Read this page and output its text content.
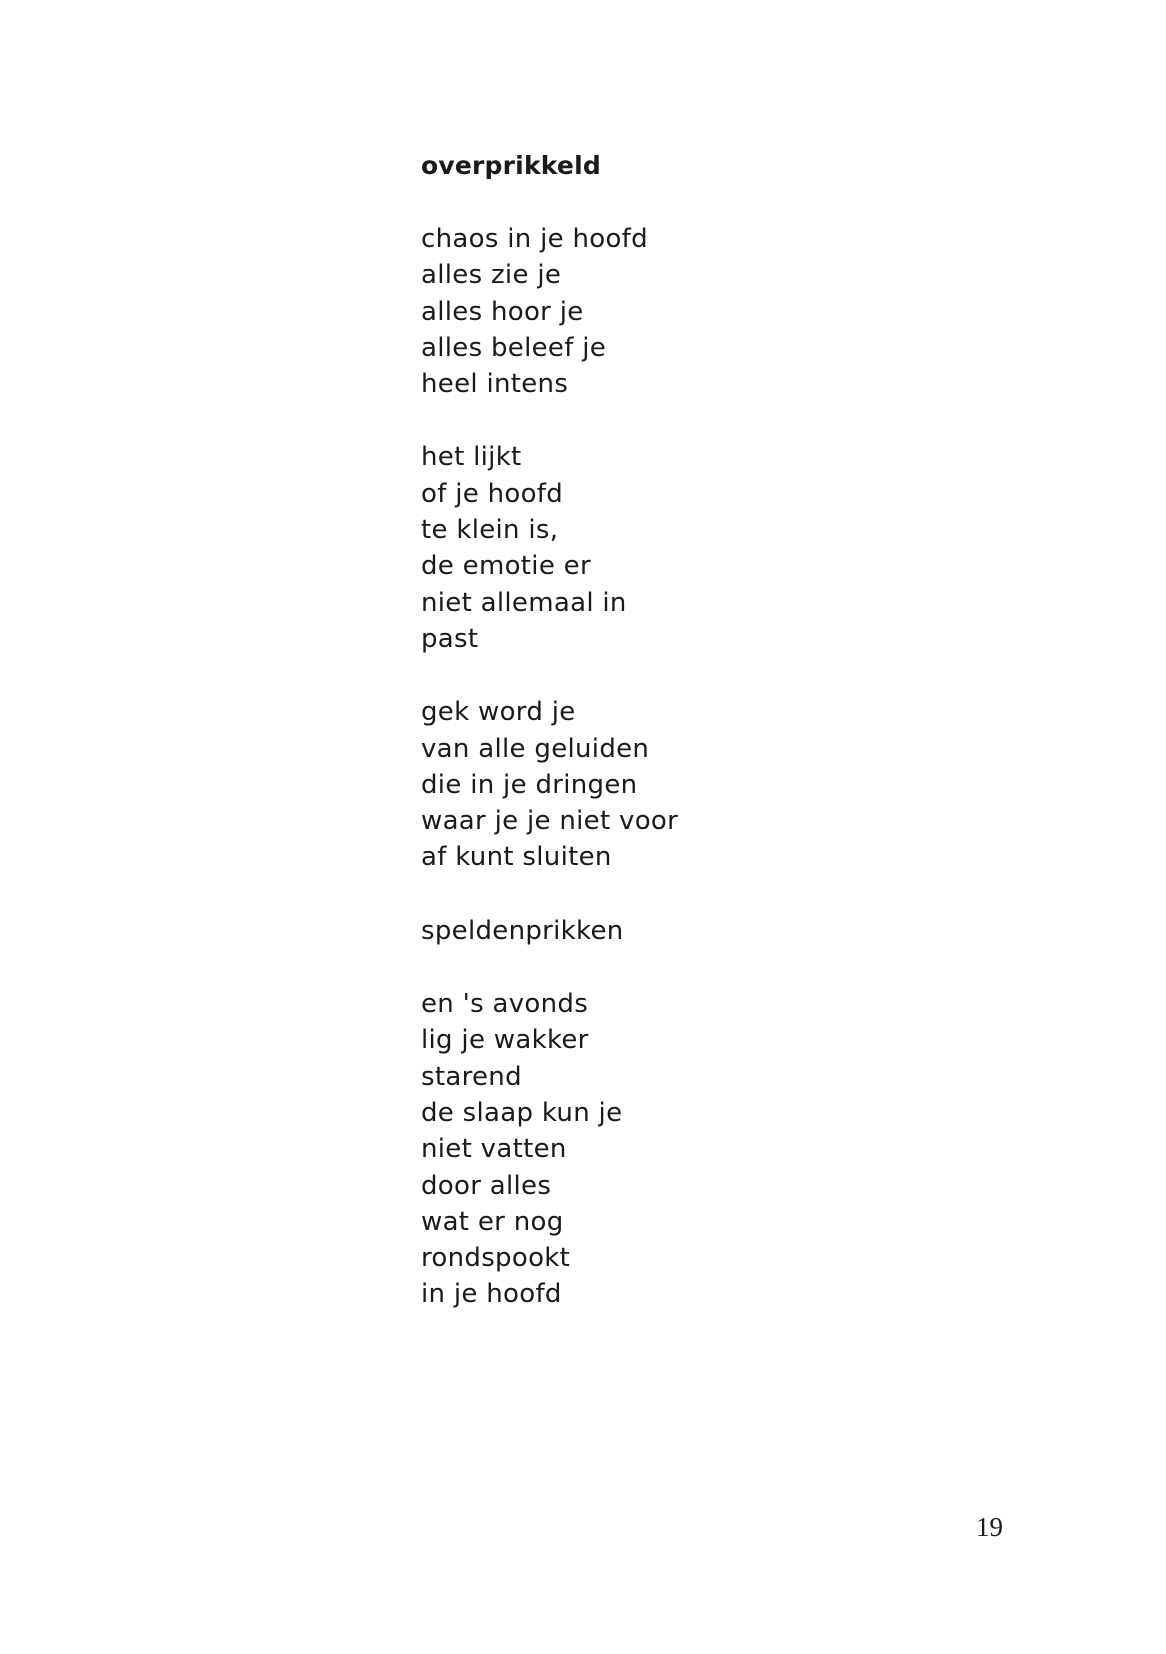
overprikkeld
chaos in je hoofd
alles zie je
alles hoor je
alles beleef je
heel intens
het lijkt
of je hoofd
te klein is,
de emotie er
niet allemaal in
past
gek word je
van alle geluiden
die in je dringen
waar je je niet voor
af kunt sluiten
speldenprikken
en 's avonds
lig je wakker
starend
de slaap kun je
niet vatten
door alles
wat er nog
rondspookt
in je hoofd

19
